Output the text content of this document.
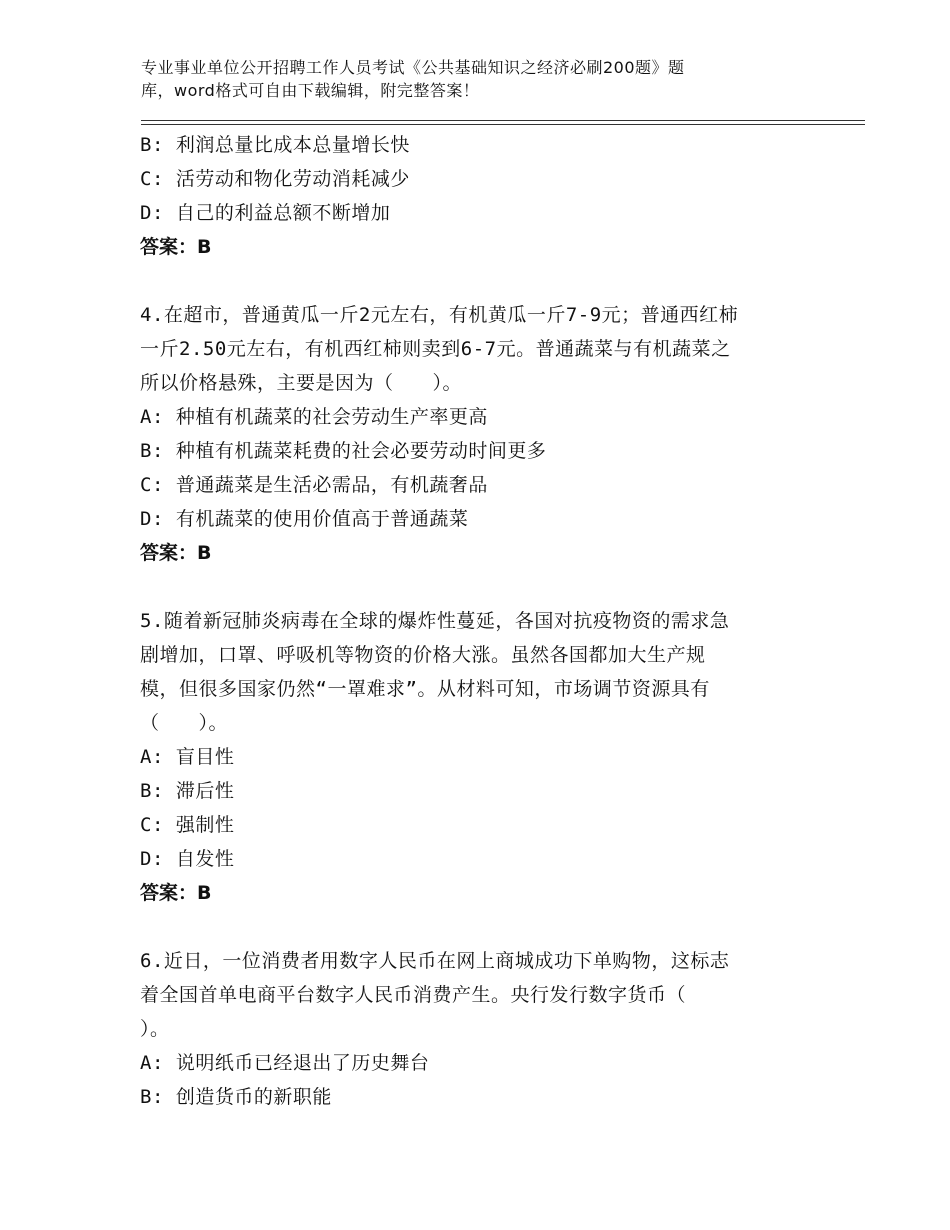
专业事业单位公开招聘工作人员考试《公共基础知识之经济必刷200题》题
库，word格式可自由下载编辑，附完整答案！
B: 利润总量比成本总量增长快
C: 活劳动和物化劳动消耗减少
D: 自己的利益总额不断增加
答案：B
4.在超市，普通黄瓜一斤2元左右，有机黄瓜一斤7-9元；普通西红柿
一斤2.50元左右，有机西红柿则卖到6-7元。普通蔬菜与有机蔬菜之
所以价格悬殊，主要是因为（　　）。
A: 种植有机蔬菜的社会劳动生产率更高
B: 种植有机蔬菜耗费的社会必要劳动时间更多
C: 普通蔬菜是生活必需品，有机蔬奢品
D: 有机蔬菜的使用价值高于普通蔬菜
答案：B
5.随着新冠肺炎病毒在全球的爆炸性蔓延，各国对抗疫物资的需求急
剧增加，口罩、呼吸机等物资的价格大涨。虽然各国都加大生产规
模，但很多国家仍然“一罩难求”。从材料可知，市场调节资源具有
（　　）。
A: 盲目性
B: 滞后性
C: 强制性
D: 自发性
答案：B
6.近日，一位消费者用数字人民币在网上商城成功下单购物，这标志
着全国首单电商平台数字人民币消费产生。央行发行数字货币（
）。
A: 说明纸币已经退出了历史舞台
B: 创造货币的新职能
